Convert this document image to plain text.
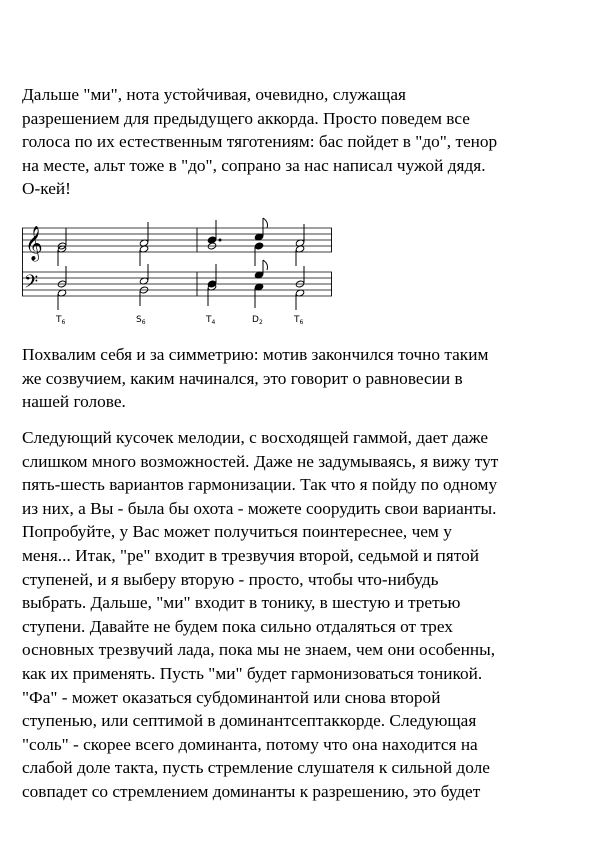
Дальше "ми", нота устойчивая, очевидно, служащая
разрешением для предыдущего аккорда. Просто поведем все
голоса по их естественным тяготениям: бас пойдет в "до", тенор
на месте, альт тоже в "до", сопрано за нас написал чужой дядя.
О-кей!

𝄞
𝄢
$T_6$	$S_6$	$T_4$	$D_2$	$T_6$

Похвалим себя и за симметрию: мотив закончился точно таким
же созвучием, каким начинался, это говорит о равновесии в
нашей голове.

Следующий кусочек мелодии, с восходящей гаммой, дает даже
слишком много возможностей. Даже не задумываясь, я вижу тут
пять-шесть вариантов гармонизации. Так что я пойду по одному
из них, а Вы - была бы охота - можете соорудить свои варианты.
Попробуйте, у Вас может получиться поинтереснее, чем у
меня... Итак, "ре" входит в трезвучия второй, седьмой и пятой
ступеней, и я выберу вторую - просто, чтобы что-нибудь
выбрать. Дальше, "ми" входит в тонику, в шестую и третью
ступени. Давайте не будем пока сильно отдаляться от трех
основных трезвучий лада, пока мы не знаем, чем они особенны,
как их применять. Пусть "ми" будет гармонизоваться тоникой.
"Фа" - может оказаться субдоминантой или снова второй
ступенью, или септимой в доминантсептаккорде. Следующая
"соль" - скорее всего доминанта, потому что она находится на
слабой доле такта, пусть стремление слушателя к сильной доле
совпадет со стремлением доминанты к разрешению, это будет
